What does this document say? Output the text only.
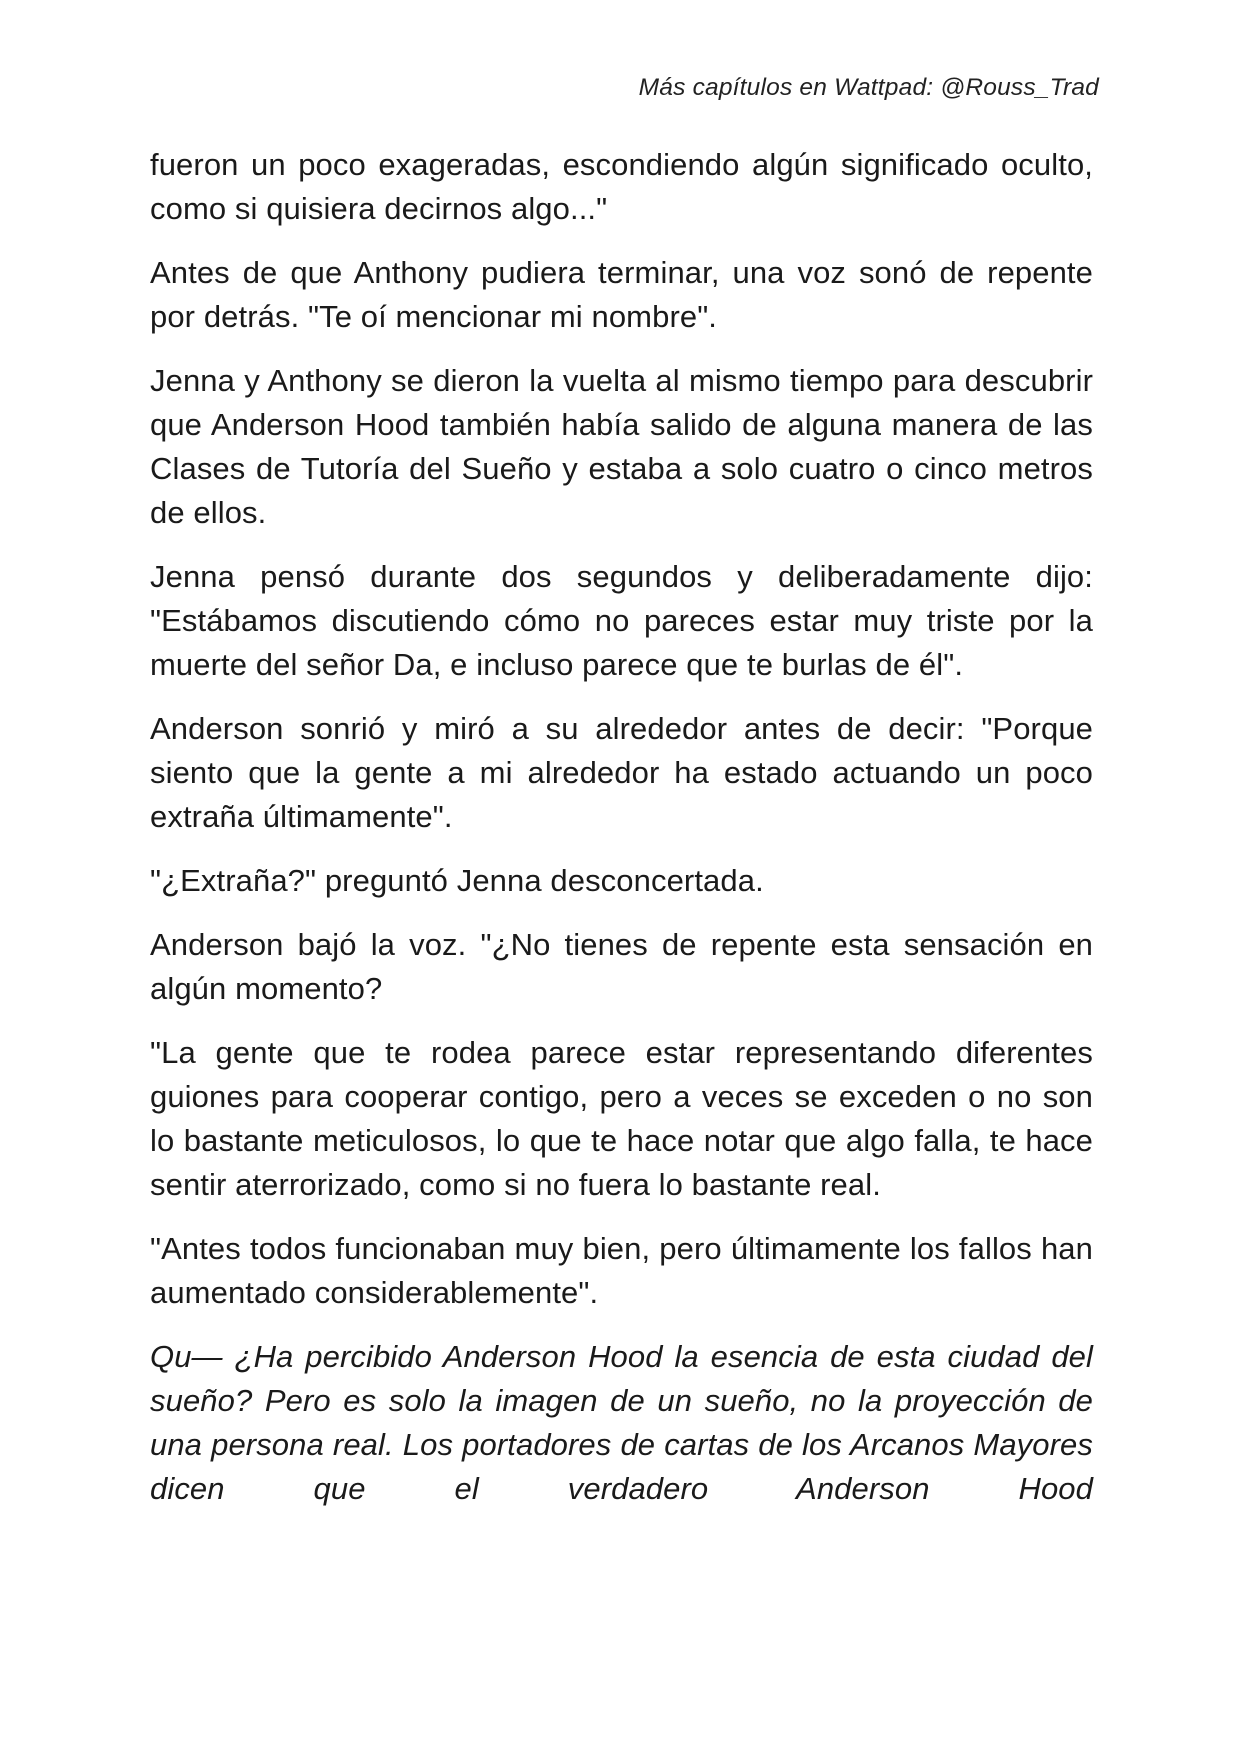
Más capítulos en Wattpad: @Rouss_Trad

fueron un poco exageradas, escondiendo algún significado oculto, como si quisiera decirnos algo..."

Antes de que Anthony pudiera terminar, una voz sonó de repente por detrás. "Te oí mencionar mi nombre".

Jenna y Anthony se dieron la vuelta al mismo tiempo para descubrir que Anderson Hood también había salido de alguna manera de las Clases de Tutoría del Sueño y estaba a solo cuatro o cinco metros de ellos.

Jenna pensó durante dos segundos y deliberadamente dijo: "Estábamos discutiendo cómo no pareces estar muy triste por la muerte del señor Da, e incluso parece que te burlas de él".

Anderson sonrió y miró a su alrededor antes de decir: "Porque siento que la gente a mi alrededor ha estado actuando un poco extraña últimamente".

"¿Extraña?" preguntó Jenna desconcertada.

Anderson bajó la voz. "¿No tienes de repente esta sensación en algún momento?

"La gente que te rodea parece estar representando diferentes guiones para cooperar contigo, pero a veces se exceden o no son lo bastante meticulosos, lo que te hace notar que algo falla, te hace sentir aterrorizado, como si no fuera lo bastante real.

"Antes todos funcionaban muy bien, pero últimamente los fallos han aumentado considerablemente".

Qu— ¿Ha percibido Anderson Hood la esencia de esta ciudad del sueño? Pero es solo la imagen de un sueño, no la proyección de una persona real. Los portadores de cartas de los Arcanos Mayores dicen que el verdadero Anderson Hood
